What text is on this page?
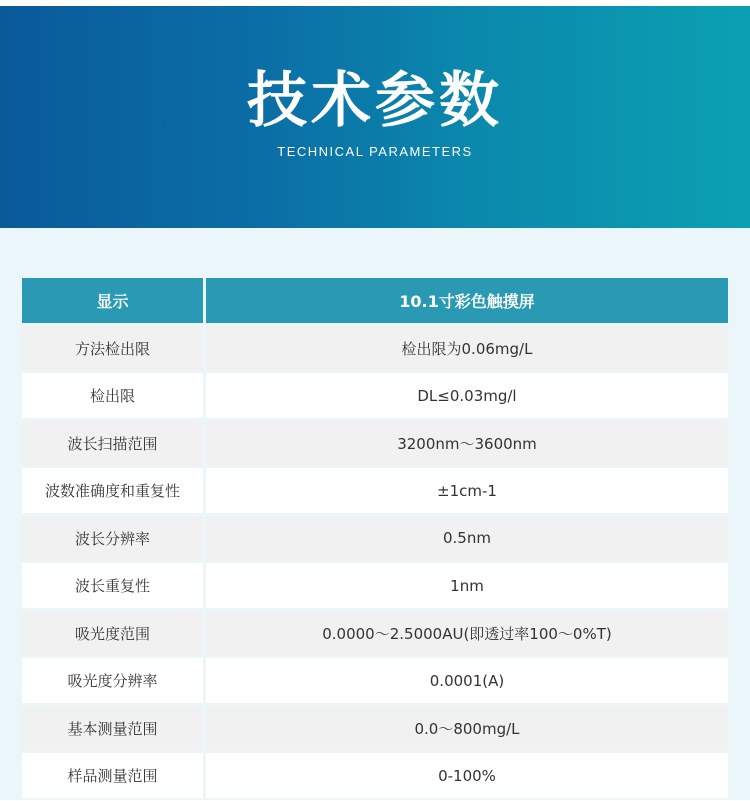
技术参数
TECHNICAL PARAMETERS
显示	10.1寸彩色触摸屏
方法检出限	检出限为0.06mg/L
检出限	DL≤0.03mg/l
波长扫描范围	3200nm～3600nm
波数准确度和重复性	±1cm-1
波长分辨率	0.5nm
波长重复性	1nm
吸光度范围	0.0000～2.5000AU(即透过率100～0%T)
吸光度分辨率	0.0001(A)
基本测量范围	0.0～800mg/L
样品测量范围	0-100%
